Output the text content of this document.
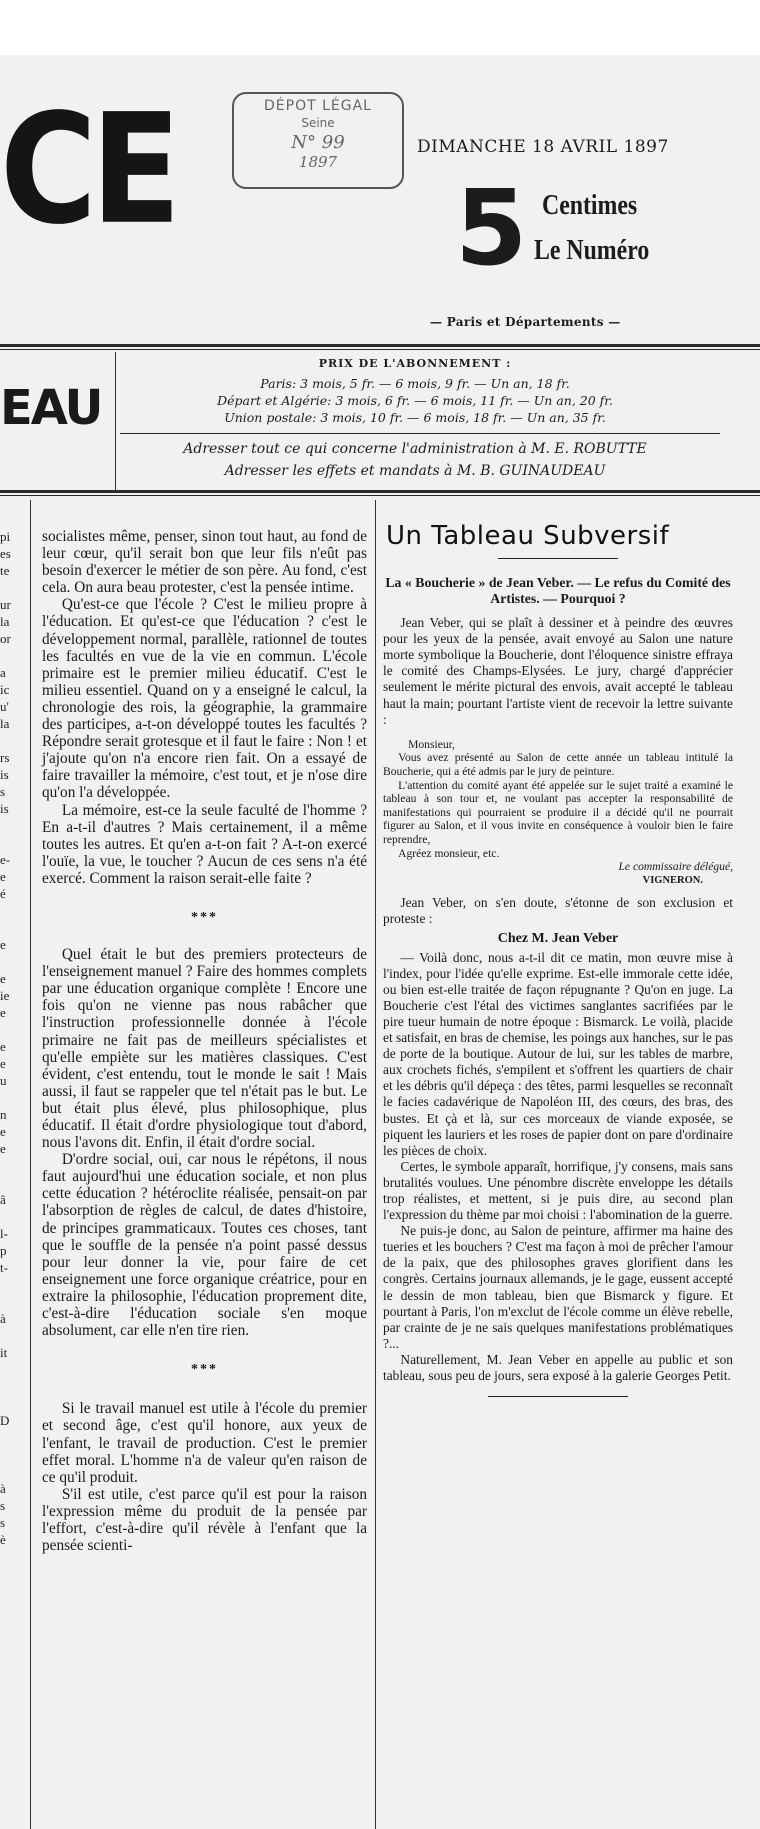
CE	DÉPOT LÉGAL
Seine
N° 99
1897
DIMANCHE 18 AVRIL 1897
5 Centimes
Le Numéro
— Paris et Départements —
EAU
PRIX DE L'ABONNEMENT :
Paris: 3 mois, 5 fr. — 6 mois, 9 fr. — Un an, 18 fr.
Départ et Algérie: 3 mois, 6 fr. — 6 mois, 11 fr. — Un an, 20 fr.
Union postale: 3 mois, 10 fr. — 6 mois, 18 fr. — Un an, 35 fr.
Adresser tout ce qui concerne l'administration à M. E. ROBUTTE
Adresser les effets et mandats à M. B. GUINAUDEAU
pi
es
te

ur
la
or

a
ic
u'
la

rs
is
s
is

e-
e
é

e

e
ie
e

e
e
u

n
e
e

â

l-
p
t-

à

it

D

à
s
s
è

socialistes même, penser, sinon tout haut, au fond de leur cœur, qu'il serait bon que leur fils n'eût pas besoin d'exercer le métier de son père. Au fond, c'est cela. On aura beau protester, c'est la pensée intime.

Qu'est-ce que l'école ? C'est le milieu propre à l'éducation. Et qu'est-ce que l'éducation ? c'est le développement normal, parallèle, rationnel de toutes les facultés en vue de la vie en commun. L'école primaire est le premier milieu éducatif. C'est le milieu essentiel. Quand on y a enseigné le calcul, la chronologie des rois, la géographie, la grammaire des participes, a-t-on développé toutes les facultés ? Répondre serait grotesque et il faut le faire : Non ! et j'ajoute qu'on n'a encore rien fait. On a essayé de faire travailler la mémoire, c'est tout, et je n'ose dire qu'on l'a développée.

La mémoire, est-ce la seule faculté de l'homme ? En a-t-il d'autres ? Mais certainement, il a même toutes les autres. Et qu'en a-t-on fait ? A-t-on exercé l'ouïe, la vue, le toucher ? Aucun de ces sens n'a été exercé. Comment la raison serait-elle faite ?

***

Quel était le but des premiers protecteurs de l'enseignement manuel ? Faire des hommes complets par une éducation organique complète ! Encore une fois qu'on ne vienne pas nous rabâcher que l'instruction professionnelle donnée à l'école primaire ne fait pas de meilleurs spécialistes et qu'elle empiète sur les matières classiques. C'est évident, c'est entendu, tout le monde le sait ! Mais aussi, il faut se rappeler que tel n'était pas le but. Le but était plus élevé, plus philosophique, plus éducatif. Il était d'ordre physiologique tout d'abord, nous l'avons dit. Enfin, il était d'ordre social.

D'ordre social, oui, car nous le répétons, il nous faut aujourd'hui une éducation sociale, et non plus cette éducation ? hétéroclite réalisée, pensait-on par l'absorption de règles de calcul, de dates d'histoire, de principes grammaticaux. Toutes ces choses, tant que le souffle de la pensée n'a point passé dessus pour leur donner la vie, pour faire de cet enseignement une force organique créatrice, pour en extraire la philosophie, l'éducation proprement dite, c'est-à-dire l'éducation sociale s'en moque absolument, car elle n'en tire rien.

***

Si le travail manuel est utile à l'école du premier et second âge, c'est qu'il honore, aux yeux de l'enfant, le travail de production. C'est le premier effet moral. L'homme n'a de valeur qu'en raison de ce qu'il produit.

S'il est utile, c'est parce qu'il est pour la raison l'expression même du produit de la pensée par l'effort, c'est-à-dire qu'il révèle à l'enfant que la pensée scienti-

Un Tableau Subversif
La « Boucherie » de Jean Veber. — Le refus du Comité des Artistes. — Pourquoi ?

Jean Veber, qui se plaît à dessiner et à peindre des œuvres pour les yeux de la pensée, avait envoyé au Salon une nature morte symbolique la Boucherie, dont l'éloquence sinistre effraya le comité des Champs-Elysées. Le jury, chargé d'apprécier seulement le mérite pictural des envois, avait accepté le tableau haut la main; pourtant l'artiste vient de recevoir la lettre suivante :

Monsieur,

Vous avez présenté au Salon de cette année un tableau intitulé la Boucherie, qui a été admis par le jury de peinture.

L'attention du comité ayant été appelée sur le sujet traité a examiné le tableau à son tour et, ne voulant pas accepter la responsabilité de manifestations qui pourraient se produire il a décidé qu'il ne pourrait figurer au Salon, et il vous invite en conséquence à vouloir bien le faire reprendre,

Agréez monsieur, etc.

Le commissaire délégué,
VIGNERON.

Jean Veber, on s'en doute, s'étonne de son exclusion et proteste :

Chez M. Jean Veber

— Voilà donc, nous a-t-il dit ce matin, mon œuvre mise à l'index, pour l'idée qu'elle exprime. Est-elle immorale cette idée, ou bien est-elle traitée de façon répugnante ? Qu'on en juge. La Boucherie c'est l'étal des victimes sanglantes sacrifiées par le pire tueur humain de notre époque : Bismarck. Le voilà, placide et satisfait, en bras de chemise, les poings aux hanches, sur le pas de porte de la boutique. Autour de lui, sur les tables de marbre, aux crochets fichés, s'empilent et s'offrent les quartiers de chair et les débris qu'il dépeça : des têtes, parmi lesquelles se reconnaît le facies cadavérique de Napoléon III, des cœurs, des bras, des bustes. Et çà et là, sur ces morceaux de viande exposée, se piquent les lauriers et les roses de papier dont on pare d'ordinaire les pièces de choix.

Certes, le symbole apparaît, horrifique, j'y consens, mais sans brutalités voulues. Une pénombre discrète enveloppe les détails trop réalistes, et mettent, si je puis dire, au second plan l'expression du thème par moi choisi : l'abomination de la guerre.

Ne puis-je donc, au Salon de peinture, affirmer ma haine des tueries et les bouchers ? C'est ma façon à moi de prêcher l'amour de la paix, que des philosophes graves glorifient dans les congrès. Certains journaux allemands, je le gage, eussent accepté le dessin de mon tableau, bien que Bismarck y figure. Et pourtant à Paris, l'on m'exclut de l'école comme un élève rebelle, par crainte de je ne sais quelques manifestations problématiques ?...

Naturellement, M. Jean Veber en appelle au public et son tableau, sous peu de jours, sera exposé à la galerie Georges Petit.
